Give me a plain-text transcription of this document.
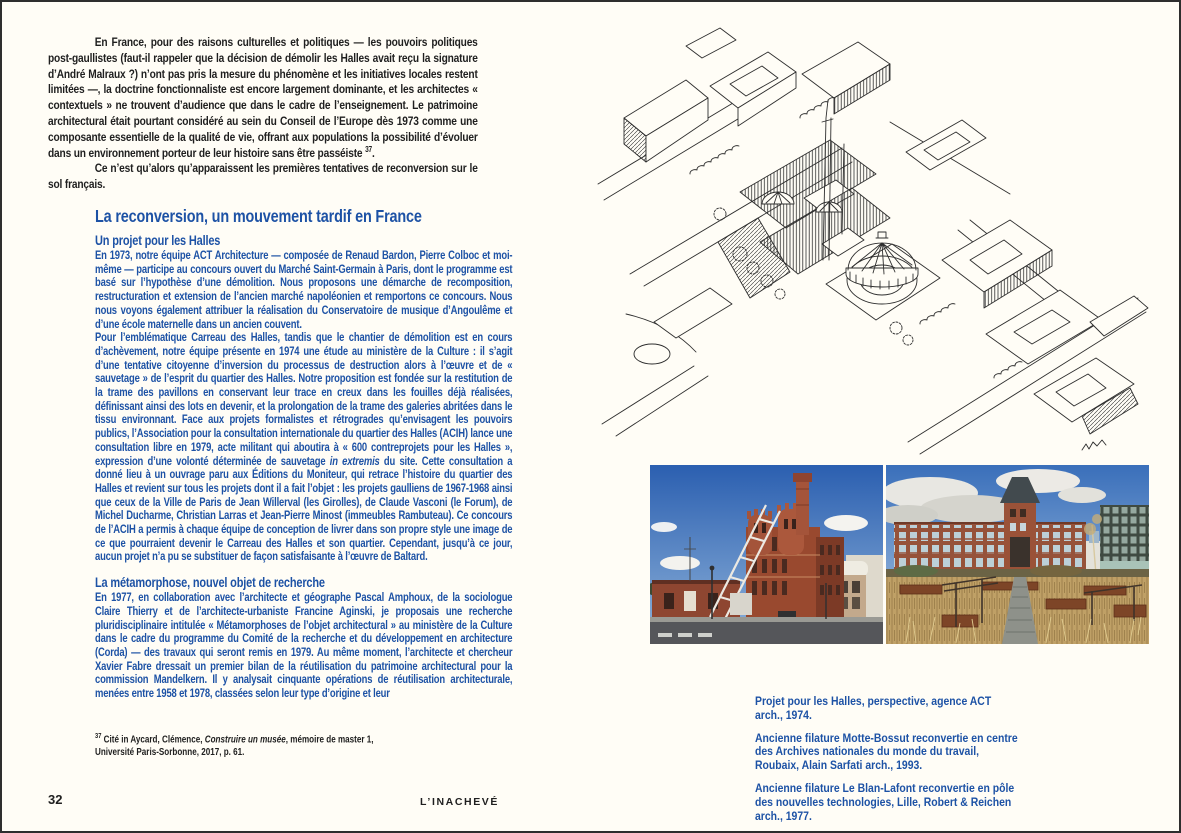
En France, pour des raisons culturelles et politiques — les pouvoirs politiques post-gaullistes (faut-il rappeler que la décision de démolir les Halles avait reçu la signature d’André Malraux ?) n’ont pas pris la mesure du phénomène et les initiatives locales restent limitées —, la doctrine fonctionnaliste est encore largement dominante, et les architectes « contextuels » ne trouvent d’audience que dans le cadre de l’enseignement. Le patrimoine architectural était pourtant considéré au sein du Conseil de l’Europe dès 1973 comme une composante essentielle de la qualité de vie, offrant aux populations la possibilité d’évoluer dans un environnement porteur de leur histoire sans être passéiste $^{37}$.

Ce n’est qu’alors qu’apparaissent les premières tentatives de reconversion sur le sol français.

La reconversion, un mouvement tardif en France
Un projet pour les Halles

En 1973, notre équipe ACT Architecture — composée de Renaud Bardon, Pierre Colboc et moi-même — participe au concours ouvert du Marché Saint-Germain à Paris, dont le programme est basé sur l’hypothèse d’une démolition. Nous proposons une démarche de recomposition, restructuration et extension de l’ancien marché napoléonien et remportons ce concours. Nous nous voyons également attribuer la réalisation du Conservatoire de musique d’Angoulême et d’une école maternelle dans un ancien couvent.

Pour l’emblématique Carreau des Halles, tandis que le chantier de démolition est en cours d’achèvement, notre équipe présente en 1974 une étude au ministère de la Culture : il s’agit d’une tentative citoyenne d’inversion du processus de destruction alors à l’œuvre et de « sauvetage » de l’esprit du quartier des Halles. Notre proposition est fondée sur la restitution de la trame des pavillons en conservant leur trace en creux dans les fouilles déjà réalisées, définissant ainsi des lots en devenir, et la prolongation de la trame des galeries abritées dans le tissu environnant. Face aux projets formalistes et rétrogrades qu’envisagent les pouvoirs publics, l’Association pour la consultation internationale du quartier des Halles (ACIH) lance une consultation libre en 1979, acte militant qui aboutira à « 600 contreprojets pour les Halles », expression d’une volonté déterminée de sauvetage in extremis du site. Cette consultation a donné lieu à un ouvrage paru aux Éditions du Moniteur, qui retrace l’histoire du quartier des Halles et revient sur tous les projets dont il a fait l’objet : les projets gaulliens de 1967-1968 ainsi que ceux de la Ville de Paris de Jean Willerval (les Girolles), de Claude Vasconi (le Forum), de Michel Ducharme, Christian Larras et Jean-Pierre Minost (immeubles Rambuteau). Ce concours de l’ACIH a permis à chaque équipe de conception de livrer dans son propre style une image de ce que pourraient devenir le Carreau des Halles et son quartier. Cependant, jusqu’à ce jour, aucun projet n’a pu se substituer de façon satisfaisante à l’œuvre de Baltard.

La métamorphose, nouvel objet de recherche

En 1977, en collaboration avec l’architecte et géographe Pascal Amphoux, de la sociologue Claire Thierry et de l’architecte-urbaniste Francine Aginski, je proposais une recherche pluridisciplinaire intitulée « Métamorphoses de l’objet architectural » au ministère de la Culture dans le cadre du programme du Comité de la recherche et du développement en architecture (Corda) — des travaux qui seront remis en 1979. Au même moment, l’architecte et chercheur Xavier Fabre dressait un premier bilan de la réutilisation du patrimoine architectural pour la commission Mandelkern. Il y analysait cinquante opérations de réutilisation architecturale, menées entre 1958 et 1978, classées selon leur type d’origine et leur

$^{37}$ Cité in Aycard, Clémence, Construire un musée, mémoire de master 1, Université Paris-Sorbonne, 2017, p. 61.
32	L’INACHEVÉ

Projet pour les Halles, perspective, agence ACT arch., 1974.

Ancienne filature Motte-Bossut reconvertie en centre des Archives nationales du monde du travail, Roubaix, Alain Sarfati arch., 1993.

Ancienne filature Le Blan-Lafont reconvertie en pôle des nouvelles technologies, Lille, Robert & Reichen arch., 1977.
